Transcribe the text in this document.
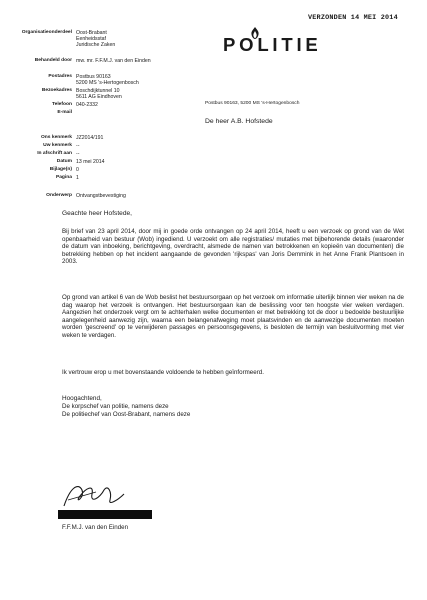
VERZONDEN 14 MEI 2014
POLITIE
Organisatieonderdeel Oost-Brabant
Eenheidsstaf
Juridische Zaken
Behandeld door mw. mr. F.F.M.J. van den Einden
Postadres Postbus 90163
5200 MS 's-Hertogenbosch
Bezoekadres Boschdijktunnel 10
5611 AG Eindhoven
Telefoon 040-2332
E-mail
Postbus 90163, 5200 MS 's-Hertogenbosch
De heer A.B. Hofstede
Ons kenmerk JZ2014/191
Uw kenmerk --
In afschrift aan --
Datum 13 mei 2014
Bijlage(n) 0
Pagina 1
Onderwerp Ontvangstbevestiging
Geachte heer Hofstede,

Bij brief van 23 april 2014, door mij in goede orde ontvangen op 24 april 2014, heeft u een verzoek op grond van de Wet openbaarheid van bestuur (Wob) ingediend. U verzoekt om alle registraties/ mutaties met bijbehorende details (waaronder de datum van inboeking, berichtgeving, overdracht, alsmede de namen van betrokkenen en kopieën van documenten) die betrekking hebben op het incident aangaande de gevonden 'rijkspas' van Joris Demmink in het Anne Frank Plantsoen in 2003.

Op grond van artikel 6 van de Wob beslist het bestuursorgaan op het verzoek om informatie uiterlijk binnen vier weken na de dag waarop het verzoek is ontvangen. Het bestuursorgaan kan de beslissing voor ten hoogste vier weken verdagen. Aangezien het onderzoek vergt om te achterhalen welke documenten er met betrekking tot de door u bedoelde bestuurlijke aangelegenheid aanwezig zijn, waarna een belangenafweging moet plaatsvinden en de aanwezige documenten moeten worden 'gescreend' op te verwijderen passages en persoonsgegevens, is besloten de termijn van besluitvorming met vier weken te verdagen.

Ik vertrouw erop u met bovenstaande voldoende te hebben geïnformeerd.

Hoogachtend,
De korpschef van politie, namens deze
De politiechef van Oost-Brabant, namens deze
F.F.M.J. van den Einden
